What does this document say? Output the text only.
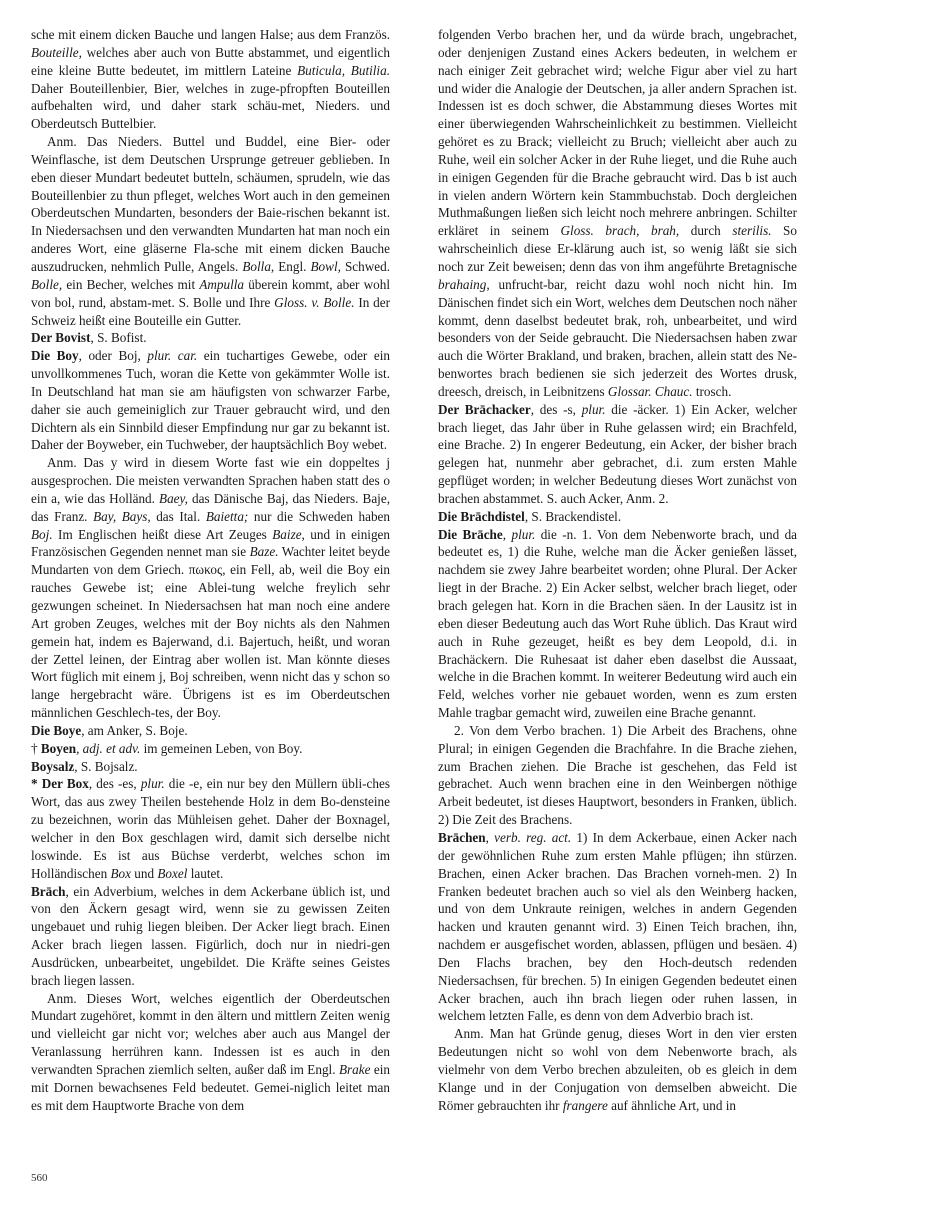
sche mit einem dicken Bauche und langen Halse; aus dem Französ. Bouteille, welches aber auch von Butte abstammet, und eigentlich eine kleine Butte bedeutet, im mittlern Lateine Buticula, Butilia. Daher Bouteillenbier, Bier, welches in zuge-pfropften Bouteillen aufbehalten wird, und daher stark schäu-met, Nieders. und Oberdeutsch Buttelbier.

Anm. Das Nieders. Buttel und Buddel, eine Bier- oder Weinflasche, ist dem Deutschen Ursprunge getreuer geblieben. In eben dieser Mundart bedeutet butteln, schäumen, sprudeln, wie das Bouteillenbier zu thun pfleget, welches Wort auch in den gemeinen Oberdeutschen Mundarten, besonders der Baie-rischen bekannt ist. In Niedersachsen und den verwandten Mundarten hat man noch ein anderes Wort, eine gläserne Fla-sche mit einem dicken Bauche auszudrucken, nehmlich Pulle, Angels. Bolla, Engl. Bowl, Schwed. Bolle, ein Becher, welches mit Ampulla überein kommt, aber wohl von bol, rund, abstam-met. S. Bolle und Ihre Gloss. v. Bolle. In der Schweiz heißt eine Bouteille ein Gutter.

Der Bovist, S. Bofist.

Die Boy, oder Boj, plur. car. ein tuchartiges Gewebe, oder ein unvollkommenes Tuch, woran die Kette von gekämmter Wolle ist. In Deutschland hat man sie am häufigsten von schwarzer Farbe, daher sie auch gemeiniglich zur Trauer gebraucht wird, und den Dichtern als ein Sinnbild dieser Empfindung nur gar zu bekannt ist. Daher der Boyweber, ein Tuchweber, der hauptsächlich Boy webet.

Anm. Das y wird in diesem Worte fast wie ein doppeltes j ausgesprochen. Die meisten verwandten Sprachen haben statt des o ein a, wie das Holländ. Baey, das Dänische Baj, das Nieders. Baje, das Franz. Bay, Bays, das Ital. Baietta; nur die Schweden haben Boj. Im Englischen heißt diese Art Zeuges Baize, und in einigen Französischen Gegenden nennet man sie Baze. Wachter leitet beyde Mundarten von dem Griech. πωκος, ein Fell, ab, weil die Boy ein rauches Gewebe ist; eine Ablei-tung welche freylich sehr gezwungen scheinet. In Niedersachsen hat man noch eine andere Art groben Zeuges, welches mit der Boy nichts als den Nahmen gemein hat, indem es Bajerwand, d.i. Bajertuch, heißt, und woran der Zettel leinen, der Eintrag aber wollen ist. Man könnte dieses Wort füglich mit einem j, Boj schreiben, wenn nicht das y schon so lange hergebracht wäre. Übrigens ist es im Oberdeutschen männlichen Geschlech-tes, der Boy.

Die Boye, am Anker, S. Boje.

† Boyen, adj. et adv. im gemeinen Leben, von Boy.

Boysalz, S. Bojsalz.

* Der Box, des -es, plur. die -e, ein nur bey den Müllern übli-ches Wort, das aus zwey Theilen bestehende Holz in dem Bo-densteine zu bezeichnen, worin das Mühleisen gehet. Daher der Boxnagel, welcher in den Box geschlagen wird, damit sich derselbe nicht loswinde. Es ist aus Büchse verderbt, welches schon im Holländischen Box und Boxel lautet.

Brāch, ein Adverbium, welches in dem Ackerbane üblich ist, und von den Äckern gesagt wird, wenn sie zu gewissen Zeiten ungebauet und ruhig liegen bleiben. Der Acker liegt brach. Einen Acker brach liegen lassen. Figürlich, doch nur in niedri-gen Ausdrücken, unbearbeitet, ungebildet. Die Kräfte seines Geistes brach liegen lassen.

Anm. Dieses Wort, welches eigentlich der Oberdeutschen Mundart zugehöret, kommt in den ältern und mittlern Zeiten wenig und vielleicht gar nicht vor; welches aber auch aus Mangel der Veranlassung herrühren kann. Indessen ist es auch in den verwandten Sprachen ziemlich selten, außer daß im Engl. Brake ein mit Dornen bewachsenes Feld bedeutet. Gemei-niglich leitet man es mit dem Hauptworte Brache von dem

folgenden Verbo brachen her, und da würde brach, ungebrachet, oder denjenigen Zustand eines Ackers bedeuten, in welchem er nach einiger Zeit gebrachet wird; welche Figur aber viel zu hart und wider die Analogie der Deutschen, ja aller andern Sprachen ist. Indessen ist es doch schwer, die Abstammung dieses Wortes mit einer überwiegenden Wahrscheinlichkeit zu bestimmen. Vielleicht gehöret es zu Brack; vielleicht zu Bruch; vielleicht aber auch zu Ruhe, weil ein solcher Acker in der Ruhe lieget, und die Ruhe auch in einigen Gegenden für die Brache gebraucht wird. Das b ist auch in vielen andern Wörtern kein Stammbuchstab. Doch dergleichen Muthmaßungen ließen sich leicht noch mehrere anbringen. Schilter erkläret in seinem Gloss. brach, brah, durch sterilis. So wahrscheinlich diese Er-klärung auch ist, so wenig läßt sie sich noch zur Zeit beweisen; denn das von ihm angeführte Bretagnische brahaing, unfrucht-bar, reicht dazu wohl noch nicht hin. Im Dänischen findet sich ein Wort, welches dem Deutschen noch näher kommt, denn daselbst bedeutet brak, roh, unbearbeitet, und wird besonders von der Seide gebraucht. Die Niedersachsen haben zwar auch die Wörter Brakland, und braken, brachen, allein statt des Ne-benwortes brach bedienen sie sich jederzeit des Wortes drusk, dreesch, dreisch, in Leibnitzens Glossar. Chauc. trosch.

Der Brāchacker, des -s, plur. die -äcker. 1) Ein Acker, welcher brach lieget, das Jahr über in Ruhe gelassen wird; ein Brachfeld, eine Brache. 2) In engerer Bedeutung, ein Acker, der bisher brach gelegen hat, nunmehr aber gebrachet, d.i. zum ersten Mahle gepflüget worden; in welcher Bedeutung dieses Wort zunächst von brachen abstammet. S. auch Acker, Anm. 2.

Die Brāchdistel, S. Brackendistel.

Die Brāche, plur. die -n. 1. Von dem Nebenworte brach, und da bedeutet es, 1) die Ruhe, welche man die Äcker genießen lässet, nachdem sie zwey Jahre bearbeitet worden; ohne Plural. Der Acker liegt in der Brache. 2) Ein Acker selbst, welcher brach lieget, oder brach gelegen hat. Korn in die Brachen säen. In der Lausitz ist in eben dieser Bedeutung auch das Wort Ruhe üblich. Das Kraut wird auch in Ruhe gezeuget, heißt es bey dem Leopold, d.i. in Brachäckern. Die Ruhesaat ist daher eben daselbst die Aussaat, welche in die Brachen kommt. In weiterer Bedeutung wird auch ein Feld, welches vorher nie gebauet worden, wenn es zum ersten Mahle tragbar gemacht wird, zuweilen eine Brache genannt.

2. Von dem Verbo brachen. 1) Die Arbeit des Brachens, ohne Plural; in einigen Gegenden die Brachfahre. In die Brache ziehen, zum Brachen ziehen. Die Brache ist geschehen, das Feld ist gebrachet. Auch wenn brachen eine in den Weinbergen nöthige Arbeit bedeutet, ist dieses Hauptwort, besonders in Franken, üblich. 2) Die Zeit des Brachens.

Brāchen, verb. reg. act. 1) In dem Ackerbaue, einen Acker nach der gewöhnlichen Ruhe zum ersten Mahle pflügen; ihn stürzen. Brachen, einen Acker brachen. Das Brachen vorneh-men. 2) In Franken bedeutet brachen auch so viel als den Weinberg hacken, und von dem Unkraute reinigen, welches in andern Gegenden hacken und krauten genannt wird. 3) Einen Teich brachen, ihn, nachdem er ausgefischet worden, ablassen, pflügen und besäen. 4) Den Flachs brachen, bey den Hoch-deutsch redenden Niedersachsen, für brechen. 5) In einigen Gegenden bedeutet einen Acker brachen, auch ihn brach liegen oder ruhen lassen, in welchem letzten Falle, es denn von dem Adverbio brach ist.

Anm. Man hat Gründe genug, dieses Wort in den vier ersten Bedeutungen nicht so wohl von dem Nebenworte brach, als vielmehr von dem Verbo brechen abzuleiten, ob es gleich in dem Klange und in der Conjugation von demselben abweicht. Die Römer gebrauchten ihr frangere auf ähnliche Art, und in

560
